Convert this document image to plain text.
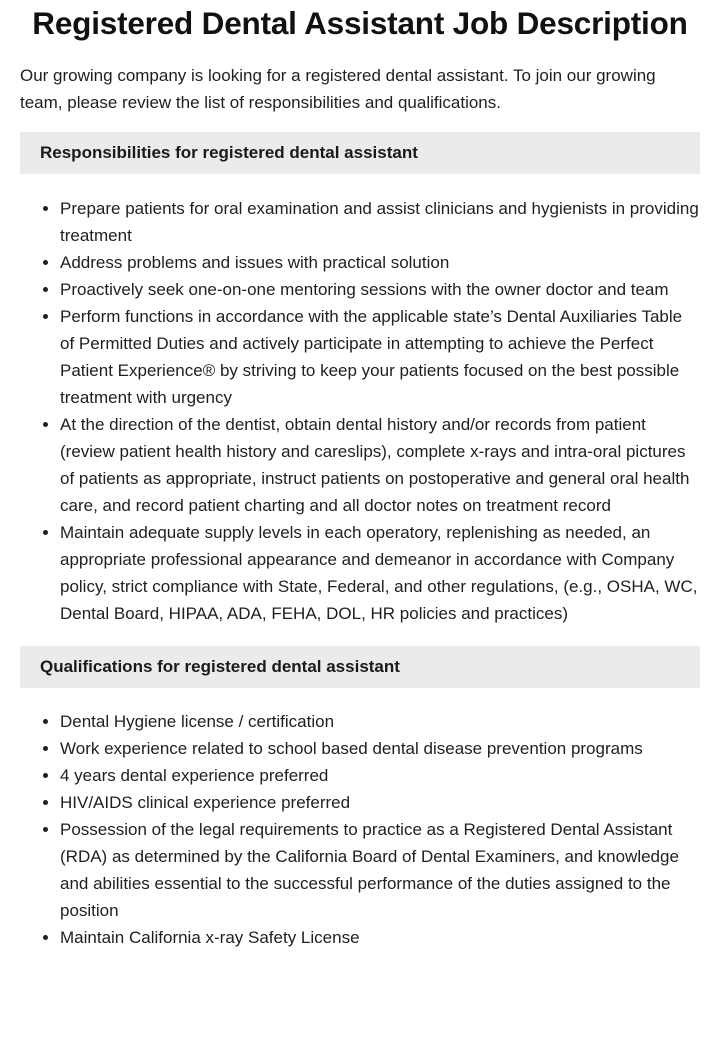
Registered Dental Assistant Job Description

Our growing company is looking for a registered dental assistant. To join our growing team, please review the list of responsibilities and qualifications.

Responsibilities for registered dental assistant
• Prepare patients for oral examination and assist clinicians and hygienists in providing treatment
• Address problems and issues with practical solution
• Proactively seek one-on-one mentoring sessions with the owner doctor and team
• Perform functions in accordance with the applicable state’s Dental Auxiliaries Table of Permitted Duties and actively participate in attempting to achieve the Perfect Patient Experience® by striving to keep your patients focused on the best possible treatment with urgency
• At the direction of the dentist, obtain dental history and/or records from patient (review patient health history and careslips), complete x-rays and intra-oral pictures of patients as appropriate, instruct patients on postoperative and general oral health care, and record patient charting and all doctor notes on treatment record
• Maintain adequate supply levels in each operatory, replenishing as needed, an appropriate professional appearance and demeanor in accordance with Company policy, strict compliance with State, Federal, and other regulations, (e.g., OSHA, WC, Dental Board, HIPAA, ADA, FEHA, DOL, HR policies and practices)
Qualifications for registered dental assistant
• Dental Hygiene license / certification
• Work experience related to school based dental disease prevention programs
• 4 years dental experience preferred
• HIV/AIDS clinical experience preferred
• Possession of the legal requirements to practice as a Registered Dental Assistant (RDA) as determined by the California Board of Dental Examiners, and knowledge and abilities essential to the successful performance of the duties assigned to the position
• Maintain California x-ray Safety License
